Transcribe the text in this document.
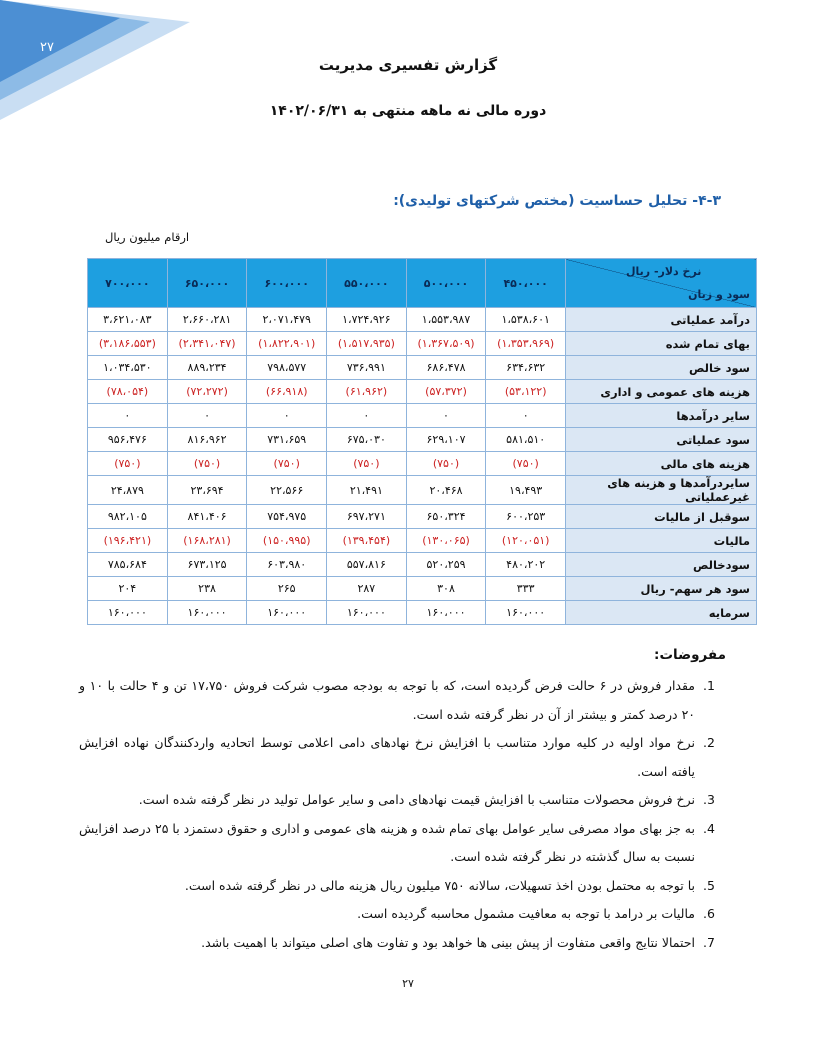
۲۷
گزارش تفسیری مدیریت
دوره مالی نه ماهه منتهی به ۱۴۰۲/۰۶/۳۱
۴-۳- تحلیل حساسیت (مختص شرکتهای تولیدی):
ارقام میلیون ریال
نرخ دلار- ریال
سود و زیان	۴۵۰،۰۰۰	۵۰۰،۰۰۰	۵۵۰،۰۰۰	۶۰۰،۰۰۰	۶۵۰،۰۰۰	۷۰۰،۰۰۰
درآمد عملیاتی	۱،۵۳۸،۶۰۱	۱،۵۵۳،۹۸۷	۱،۷۲۴،۹۲۶	۲،۰۷۱،۴۷۹	۲،۶۶۰،۲۸۱	۳،۶۲۱،۰۸۳
بهای تمام شده	(۱،۳۵۳،۹۶۹)	(۱،۳۶۷،۵۰۹)	(۱،۵۱۷،۹۳۵)	(۱،۸۲۲،۹۰۱)	(۲،۳۴۱،۰۴۷)	(۳،۱۸۶،۵۵۳)
سود خالص	۶۳۴،۶۳۲	۶۸۶،۴۷۸	۷۳۶،۹۹۱	۷۹۸،۵۷۷	۸۸۹،۲۳۴	۱،۰۳۴،۵۳۰
هزینه های عمومی و اداری	(۵۳،۱۲۲)	(۵۷،۳۷۲)	(۶۱،۹۶۲)	(۶۶،۹۱۸)	(۷۲،۲۷۲)	(۷۸،۰۵۴)
سایر درآمدها	۰	۰	۰	۰	۰	۰
سود عملیاتی	۵۸۱،۵۱۰	۶۲۹،۱۰۷	۶۷۵،۰۳۰	۷۳۱،۶۵۹	۸۱۶،۹۶۲	۹۵۶،۴۷۶
هزینه های مالی	(۷۵۰)	(۷۵۰)	(۷۵۰)	(۷۵۰)	(۷۵۰)	(۷۵۰)
سایردرآمدها و هزینه های غیرعملیاتی	۱۹،۴۹۳	۲۰،۴۶۸	۲۱،۴۹۱	۲۲،۵۶۶	۲۳،۶۹۴	۲۴،۸۷۹
سوقبل از مالیات	۶۰۰،۲۵۳	۶۵۰،۳۲۴	۶۹۷،۲۷۱	۷۵۴،۹۷۵	۸۴۱،۴۰۶	۹۸۲،۱۰۵
مالیات	(۱۲۰،۰۵۱)	(۱۳۰،۰۶۵)	(۱۳۹،۴۵۴)	(۱۵۰،۹۹۵)	(۱۶۸،۲۸۱)	(۱۹۶،۴۲۱)
سودخالص	۴۸۰،۲۰۲	۵۲۰،۲۵۹	۵۵۷،۸۱۶	۶۰۳،۹۸۰	۶۷۳،۱۲۵	۷۸۵،۶۸۴
سود هر سهم- ریال	۳۳۳	۳۰۸	۲۸۷	۲۶۵	۲۳۸	۲۰۴
سرمایه	۱۶۰،۰۰۰	۱۶۰،۰۰۰	۱۶۰،۰۰۰	۱۶۰،۰۰۰	۱۶۰،۰۰۰	۱۶۰،۰۰۰
مفروضات:
1. مقدار فروش در ۶ حالت فرض گردیده است، که با توجه به بودجه مصوب شرکت فروش ۱۷،۷۵۰ تن و ۴ حالت با ۱۰ و ۲۰ درصد کمتر و بیشتر از آن در نظر گرفته شده است.
2. نرخ مواد اولیه در کلیه موارد متناسب با افزایش نرخ نهادهای دامی اعلامی توسط اتحادیه واردکنندگان نهاده افزایش یافته است.
3. نرخ فروش محصولات متناسب با افزایش قیمت نهادهای دامی و سایر عوامل تولید در نظر گرفته شده است.
4. به جز بهای مواد مصرفی سایر عوامل بهای تمام شده و هزینه های عمومی و اداری و حقوق دستمزد با ۲۵ درصد افزایش نسبت به سال گذشته در نظر گرفته شده است.
5. با توجه به محتمل بودن اخذ تسهیلات، سالانه ۷۵۰ میلیون ریال هزینه مالی در نظر گرفته شده است.
6. مالیات بر درامد با توجه به معافیت مشمول محاسبه گردیده است.
7. احتمالا نتایج واقعی متفاوت از پیش بینی ها خواهد بود و تفاوت های اصلی میتواند با اهمیت باشد.
۲۷
